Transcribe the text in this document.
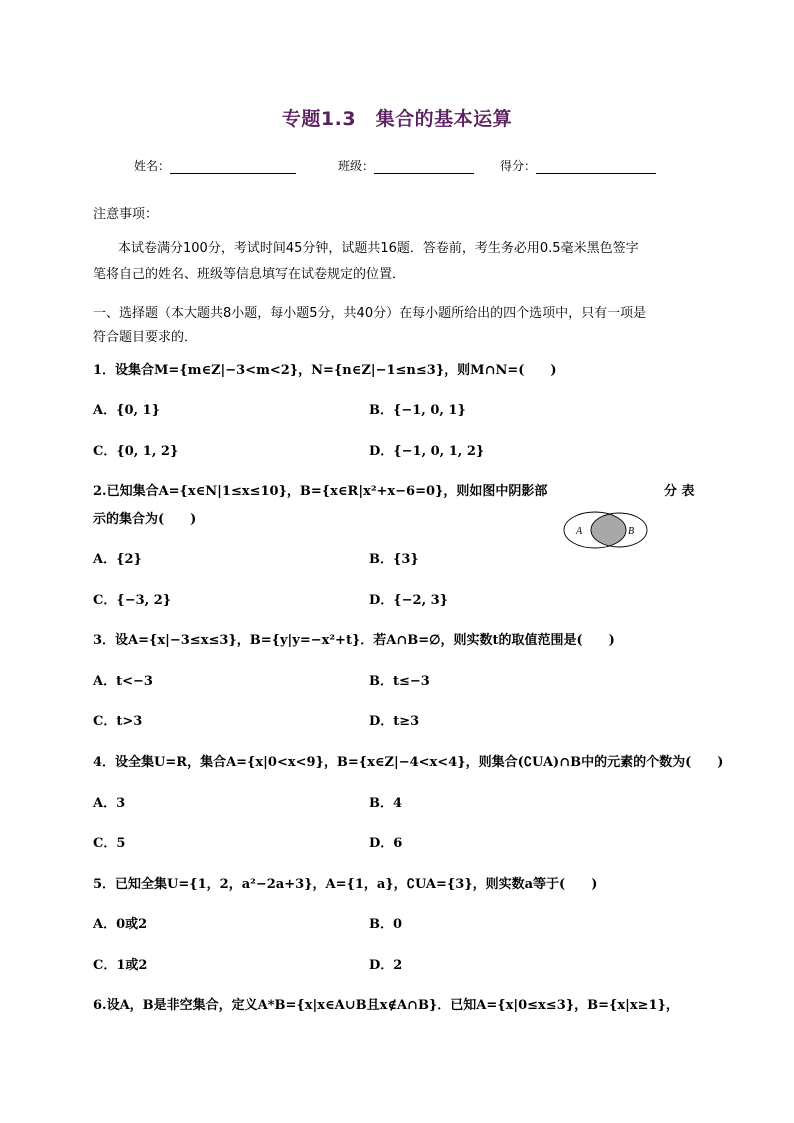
专题1.3　集合的基本运算
姓名：	班级：	得分：
注意事项：
本试卷满分100分，考试时间45分钟，试题共16题．答卷前，考生务必用0.5毫米黑色签字
笔将自己的姓名、班级等信息填写在试卷规定的位置．
一、选择题（本大题共8小题，每小题5分，共40分）在每小题所给出的四个选项中，只有一项是
符合题目要求的．
1．设集合M={m∈Z|−3<m<2}，N={n∈Z|−1≤n≤3}，则M∩N=(　　)
A．{0, 1}	B．{−1, 0, 1}
C．{0, 1, 2}	D．{−1, 0, 1, 2}
2.已知集合A={x∈N|1≤x≤10}，B={x∈R|x²+x−6=0}，则如图中阴影部	分 表
示的集合为(　　)
A	B
A．{2}	B．{3}
C．{−3, 2}	D．{−2, 3}
3．设A={x|−3≤x≤3}，B={y|y=−x²+t}．若A∩B=∅，则实数t的取值范围是(　　)
A．t<−3	B．t≤−3
C．t>3	D．t≥3
4．设全集U=R，集合A={x|0<x<9}，B={x∈Z|−4<x<4}，则集合(∁UA)∩B中的元素的个数为(　　)
A．3	B．4
C．5	D．6
5．已知全集U={1，2，a²−2a+3}，A={1，a}，∁UA={3}，则实数a等于(　　)
A．0或2	B．0
C．1或2	D．2
6.设A，B是非空集合，定义A*B={x|x∈A∪B且x∉A∩B}．已知A={x|0≤x≤3}，B={x|x≥1}，
